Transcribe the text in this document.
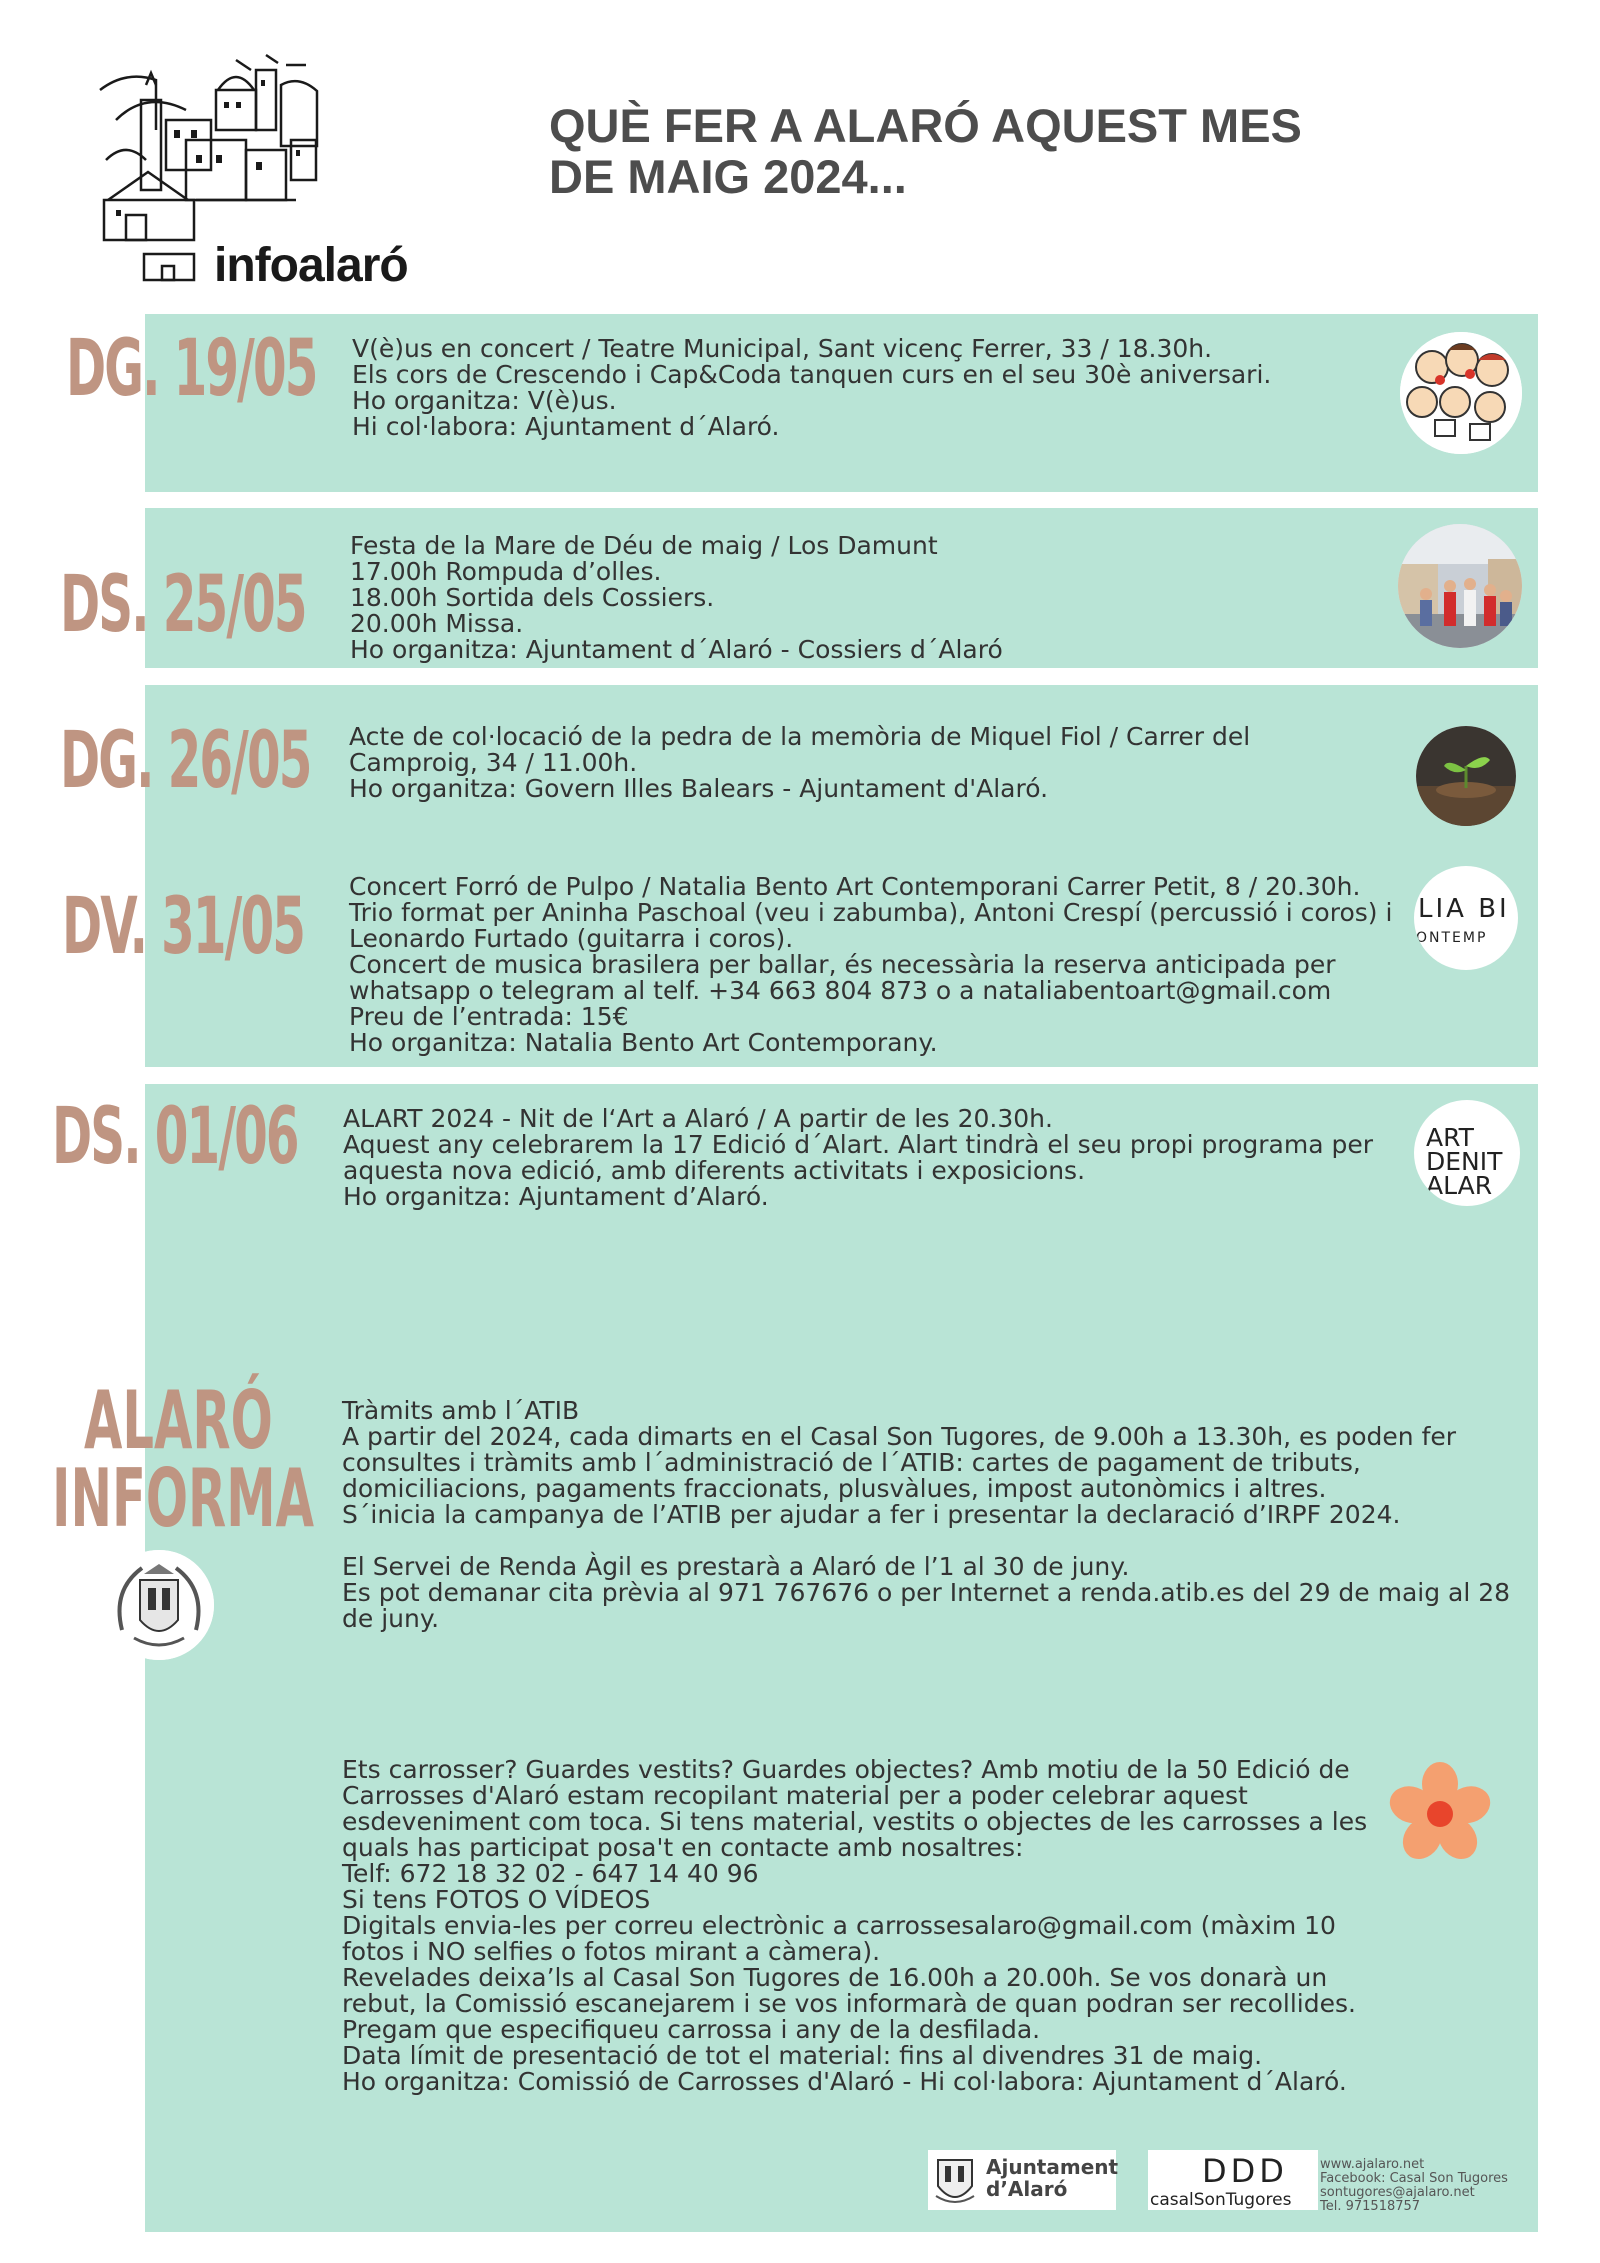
infoalaró
QUÈ FER A ALARÓ AQUEST MES
DE MAIG 2024...
DG. 19/05 V(è)us en concert / Teatre Municipal, Sant vicenç Ferrer, 33 / 18.30h.
Els cors de Crescendo i Cap&Coda tanquen curs en el seu 30è aniversari.
Ho organitza: V(è)us.
Hi col·labora: Ajuntament d´Alaró.
DS. 25/05
Festa de la Mare de Déu de maig / Los Damunt
17.00h Rompuda d’olles.
18.00h Sortida dels Cossiers.
20.00h Missa.
Ho organitza: Ajuntament d´Alaró - Cossiers d´Alaró
DG. 26/05 Acte de col·locació de la pedra de la memòria de Miquel Fiol / Carrer del
Camproig, 34 / 11.00h.
Ho organitza: Govern Illes Balears - Ajuntament d'Alaró.
DV. 31/05 Concert Forró de Pulpo / Natalia Bento Art Contemporani Carrer Petit, 8 / 20.30h.
Trio format per Aninha Paschoal (veu i zabumba), Antoni Crespí (percussió i coros) i
Leonardo Furtado (guitarra i coros).
Concert de musica brasilera per ballar, és necessària la reserva anticipada per
whatsapp o telegram al telf. +34 663 804 873 o a nataliabentoart@gmail.com
Preu de l’entrada: 15€
Ho organitza: Natalia Bento Art Contemporany.
LIA BI
ONTEMP
DS. 01/06 ALART 2024 - Nit de l‘Art a Alaró / A partir de les 20.30h.
Aquest any celebrarem la 17 Edició d´Alart. Alart tindrà el seu propi programa per
aquesta nova edició, amb diferents activitats i exposicions.
Ho organitza: Ajuntament d’Alaró.
ART
DENIT
ALAR
ALARÓ
INFORMA
Tràmits amb l´ATIB
A partir del 2024, cada dimarts en el Casal Son Tugores, de 9.00h a 13.30h, es poden fer
consultes i tràmits amb l´administració de l´ATIB: cartes de pagament de tributs,
domiciliacions, pagaments fraccionats, plusvàlues, impost autonòmics i altres.
S´inicia la campanya de l’ATIB per ajudar a fer i presentar la declaració d’IRPF 2024.
El Servei de Renda Àgil es prestarà a Alaró de l’1 al 30 de juny.
Es pot demanar cita prèvia al 971 767676 o per Internet a renda.atib.es del 29 de maig al 28
de juny.
Ets carrosser? Guardes vestits? Guardes objectes? Amb motiu de la 50 Edició de
Carrosses d'Alaró estam recopilant material per a poder celebrar aquest
esdeveniment com toca. Si tens material, vestits o objectes de les carrosses a les
quals has participat posa't en contacte amb nosaltres:
Telf: 672 18 32 02 - 647 14 40 96
Si tens FOTOS O VÍDEOS
Digitals envia-les per correu electrònic a carrossesalaro@gmail.com (màxim 10
fotos i NO selfies o fotos mirant a càmera).
Revelades deixa’ls al Casal Son Tugores de 16.00h a 20.00h. Se vos donarà un
rebut, la Comissió escanejarem i se vos informarà de quan podran ser recollides.
Pregam que especifiqueu carrossa i any de la desfilada.
Data límit de presentació de tot el material: fins al divendres 31 de maig.
Ho organitza: Comissió de Carrosses d'Alaró - Hi col·labora: Ajuntament d´Alaró.
Ajuntament
d’Alaró	DDD
casalSonTugores
www.ajalaro.net
Facebook: Casal Son Tugores
sontugores@ajalaro.net
Tel. 971518757
